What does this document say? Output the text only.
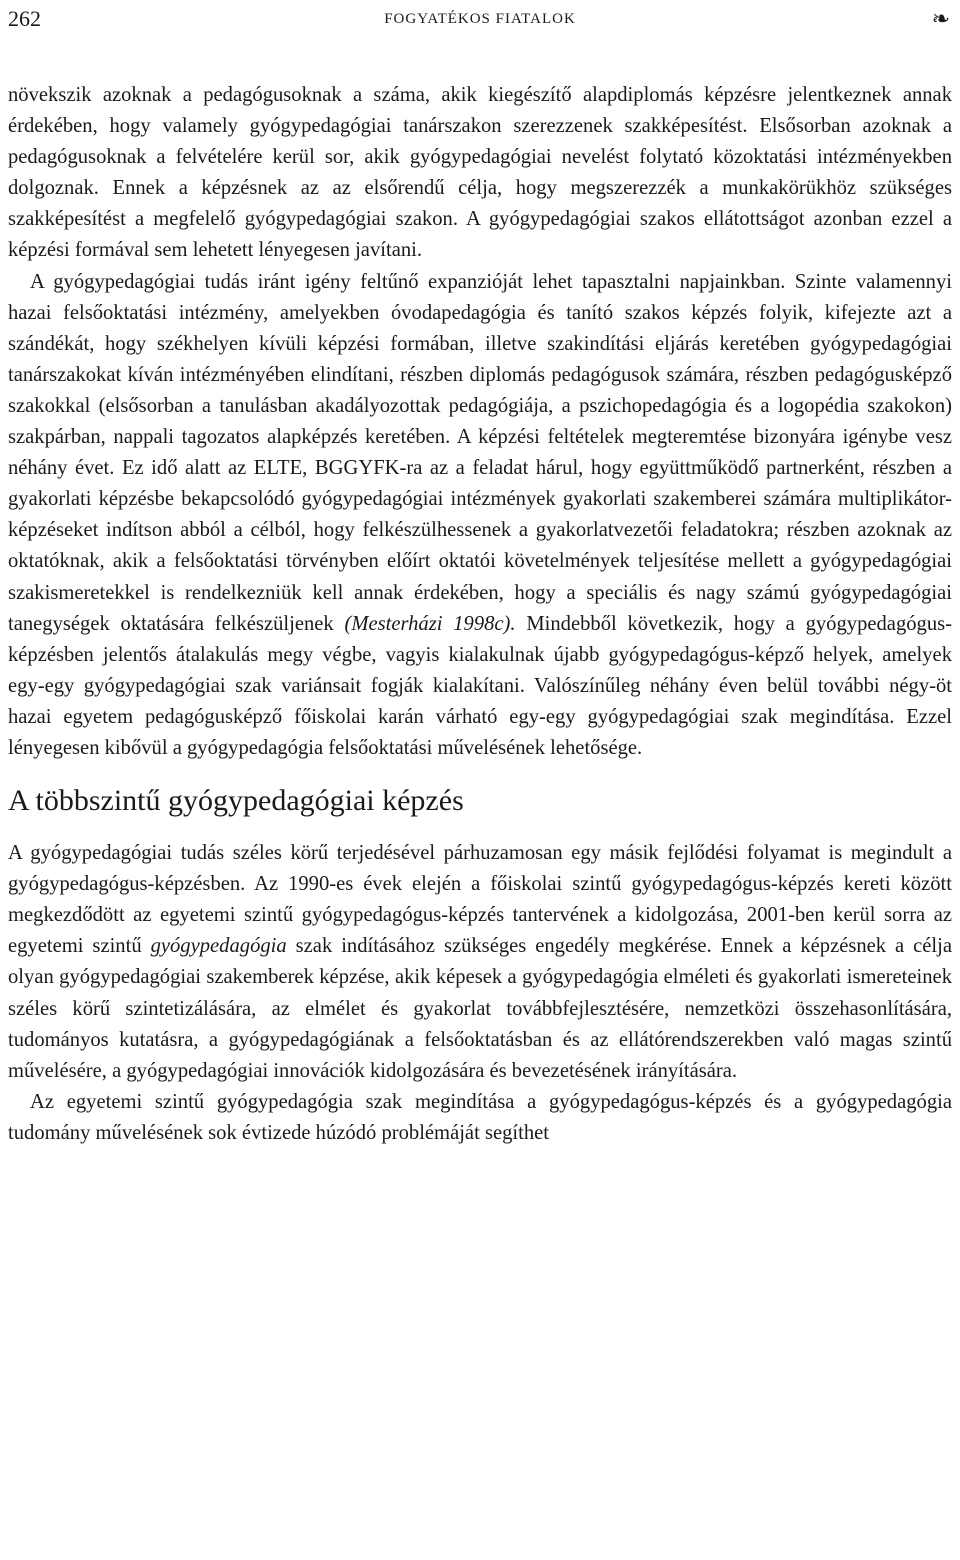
262	FOGYATÉKOS FIATALOK	❧

növekszik azoknak a pedagógusoknak a száma, akik kiegészítő alapdiplomás képzésre jelentkeznek annak érdekében, hogy valamely gyógypedagógiai tanárszakon szerezzenek szakképesítést. Elsősorban azoknak a pedagógusoknak a felvételére kerül sor, akik gyógypedagógiai nevelést folytató közoktatási intézményekben dolgoznak. Ennek a képzésnek az az elsőrendű célja, hogy megszerezzék a munkakörükhöz szükséges szakképesítést a megfelelő gyógypedagógiai szakon. A gyógypedagógiai szakos ellátottságot azonban ezzel a képzési formával sem lehetett lényegesen javítani.

A gyógypedagógiai tudás iránt igény feltűnő expanzióját lehet tapasztalni napjainkban. Szinte valamennyi hazai felsőoktatási intézmény, amelyekben óvodapedagógia és tanító szakos képzés folyik, kifejezte azt a szándékát, hogy székhelyen kívüli képzési formában, illetve szakindítási eljárás keretében gyógypedagógiai tanárszakokat kíván intézményében elindítani, részben diplomás pedagógusok számára, részben pedagógusképző szakokkal (elsősorban a tanulásban akadályozottak pedagógiája, a pszichopedagógia és a logopédia szakokon) szakpárban, nappali tagozatos alapképzés keretében. A képzési feltételek megteremtése bizonyára igénybe vesz néhány évet. Ez idő alatt az ELTE, BGGYFK-ra az a feladat hárul, hogy együttműködő partnerként, részben a gyakorlati képzésbe bekapcsolódó gyógypedagógiai intézmények gyakorlati szakemberei számára multiplikátor-képzéseket indítson abból a célból, hogy felkészülhessenek a gyakorlatvezetői feladatokra; részben azoknak az oktatóknak, akik a felsőoktatási törvényben előírt oktatói követelmények teljesítése mellett a gyógypedagógiai szakismeretekkel is rendelkezniük kell annak érdekében, hogy a speciális és nagy számú gyógypedagógiai tanegységek oktatására felkészüljenek (Mesterházi 1998c). Mindebből következik, hogy a gyógypedagógus-képzésben jelentős átalakulás megy végbe, vagyis kialakulnak újabb gyógypedagógus-képző helyek, amelyek egy-egy gyógypedagógiai szak variánsait fogják kialakítani. Valószínűleg néhány éven belül további négy-öt hazai egyetem pedagógusképző főiskolai karán várható egy-egy gyógypedagógiai szak megindítása. Ezzel lényegesen kibővül a gyógypedagógia felsőoktatási művelésének lehetősége.

A többszintű gyógypedagógiai képzés

A gyógypedagógiai tudás széles körű terjedésével párhuzamosan egy másik fejlődési folyamat is megindult a gyógypedagógus-képzésben. Az 1990-es évek elején a főiskolai szintű gyógypedagógus-képzés kereti között megkezdődött az egyetemi szintű gyógypedagógus-képzés tantervének a kidolgozása, 2001-ben kerül sorra az egyetemi szintű gyógypedagógia szak indításához szükséges engedély megkérése. Ennek a képzésnek a célja olyan gyógypedagógiai szakemberek képzése, akik képesek a gyógypedagógia elméleti és gyakorlati ismereteinek széles körű szintetizálására, az elmélet és gyakorlat továbbfejlesztésére, nemzetközi összehasonlítására, tudományos kutatásra, a gyógypedagógiának a felsőoktatásban és az ellátórendszerekben való magas szintű művelésére, a gyógypedagógiai innovációk kidolgozására és bevezetésének irányítására.

Az egyetemi szintű gyógypedagógia szak megindítása a gyógypedagógus-képzés és a gyógypedagógia tudomány művelésének sok évtizede húzódó problémáját segíthet
